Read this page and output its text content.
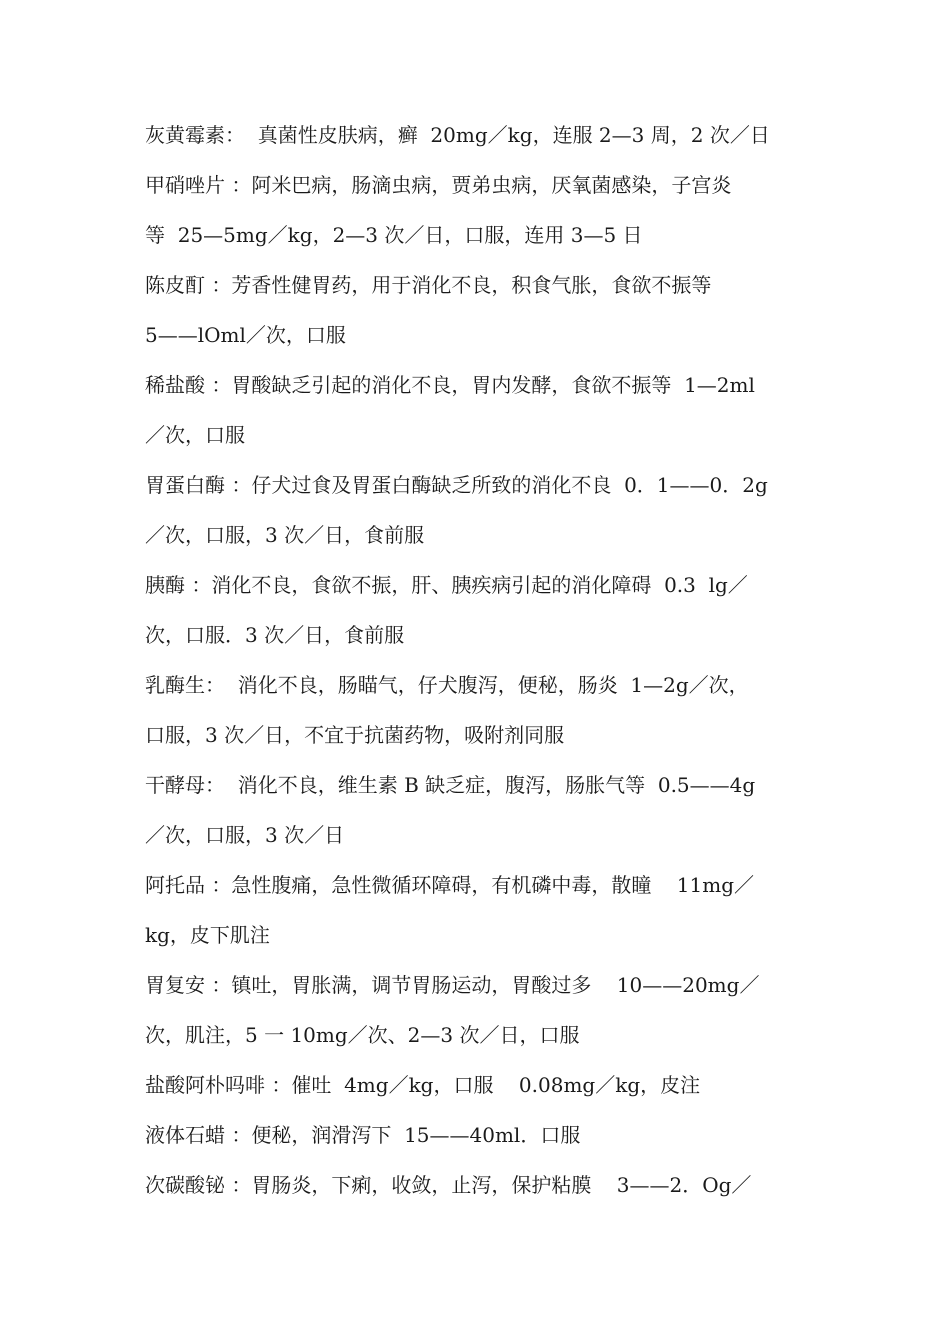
灰黄霉素：  真菌性皮肤病，癣  20mg／kg，连服 2—3 周，2 次／日
甲硝唑片 ：阿米巴病，肠滴虫病，贾弟虫病，厌氧菌感染，子宫炎
等  25—5mg／kg，2—3 次／日，口服，连用 3—5 日
陈皮酊 ：芳香性健胃药，用于消化不良，积食气胀，食欲不振等
5——lOml／次，口服
稀盐酸 ：胃酸缺乏引起的消化不良，胃内发酵，食欲不振等  1—2ml
／次，口服
胃蛋白酶 ：仔犬过食及胃蛋白酶缺乏所致的消化不良  0．1——0．2g
／次，口服，3 次／日，食前服
胰酶 ：消化不良，食欲不振，肝、胰疾病引起的消化障碍  0.3  lg／
次，口服．3 次／日，食前服
乳酶生：  消化不良，肠瞄气，仔犬腹泻，便秘，肠炎  1—2g／次，
口服，3 次／日，不宜于抗菌药物，吸附剂同服
干酵母：  消化不良，维生素 B 缺乏症，腹泻，肠胀气等  0.5——4g
／次，口服，3 次／日
阿托品 ：急性腹痛，急性微循环障碍，有机磷中毒，散瞳    11mg／
kg，皮下肌注
胃复安 ：镇吐，胃胀满，调节胃肠运动，胃酸过多    10——20mg／
次，肌注，5 一 10mg／次、2—3 次／日，口服
盐酸阿朴吗啡 ：催吐  4mg／kg，口服    0.08mg／kg，皮注
液体石蜡 ：便秘，润滑泻下  15——40ml．口服
次碳酸铋 ：胃肠炎，下痢，收敛，止泻，保护粘膜    3——2．Og／
